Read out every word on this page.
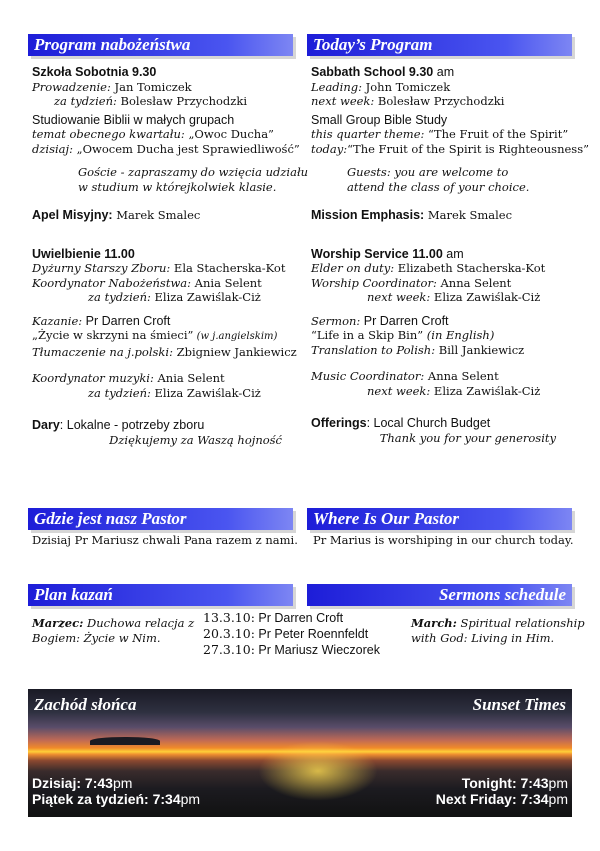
Program nabożeństwa	Today’s Program
Szkoła Sobotnia 9.30
Prowadzenie: Jan Tomiczek
za tydzień: Bolesław Przychodzki
Studiowanie Biblii w małych grupach
temat obecnego kwartału: „Owoc Ducha”
dzisiaj: „Owocem Ducha jest Sprawiedliwość”
Goście - zapraszamy do wzięcia udziału
w studium w którejkolwiek klasie.
Apel Misyjny: Marek Smalec
Uwielbienie 11.00
Dyżurny Starszy Zboru: Ela Stacherska-Kot
Koordynator Nabożeństwa: Ania Selent
za tydzień: Eliza Zawiślak-Ciż
Kazanie: Pr Darren Croft
„Życie w skrzyni na śmieci” (w j.angielskim)
Tłumaczenie na j.polski: Zbigniew Jankiewicz
Koordynator muzyki: Ania Selent
za tydzień: Eliza Zawiślak-Ciż
Dary: Lokalne - potrzeby zboru
Dziękujemy za Waszą hojność
Sabbath School 9.30 am
Leading: John Tomiczek
next week: Bolesław Przychodzki
Small Group Bible Study
this quarter theme: “The Fruit of the Spirit”
today:“The Fruit of the Spirit is Righteousness”
Guests: you are welcome to
attend the class of your choice.
Mission Emphasis: Marek Smalec
Worship Service 11.00 am
Elder on duty: Elizabeth Stacherska-Kot
Worship Coordinator: Anna Selent
next week: Eliza Zawiślak-Ciż
Sermon: Pr Darren Croft
“Life in a Skip Bin” (in English)
Translation to Polish: Bill Jankiewicz
Music Coordinator: Anna Selent
next week: Eliza Zawiślak-Ciż
Offerings: Local Church Budget
Thank you for your generosity
Gdzie jest nasz Pastor	Where Is Our Pastor
Dzisiaj Pr Mariusz chwali Pana razem z nami. Pr Marius is worshiping in our church today.
Plan kazań	Sermons schedule
Marzec: Duchowa relacja z
Bogiem: Życie w Nim.
13.3.10: Pr Darren Croft
20.3.10: Pr Peter Roennfeldt
27.3.10: Pr Mariusz Wieczorek
March: Spiritual relationship
with God: Living in Him.
Zachód słońca	Sunset Times
Dzisiaj: 7:43pm
Piątek za tydzień: 7:34pm
Tonight: 7:43pm
Next Friday: 7:34pm
